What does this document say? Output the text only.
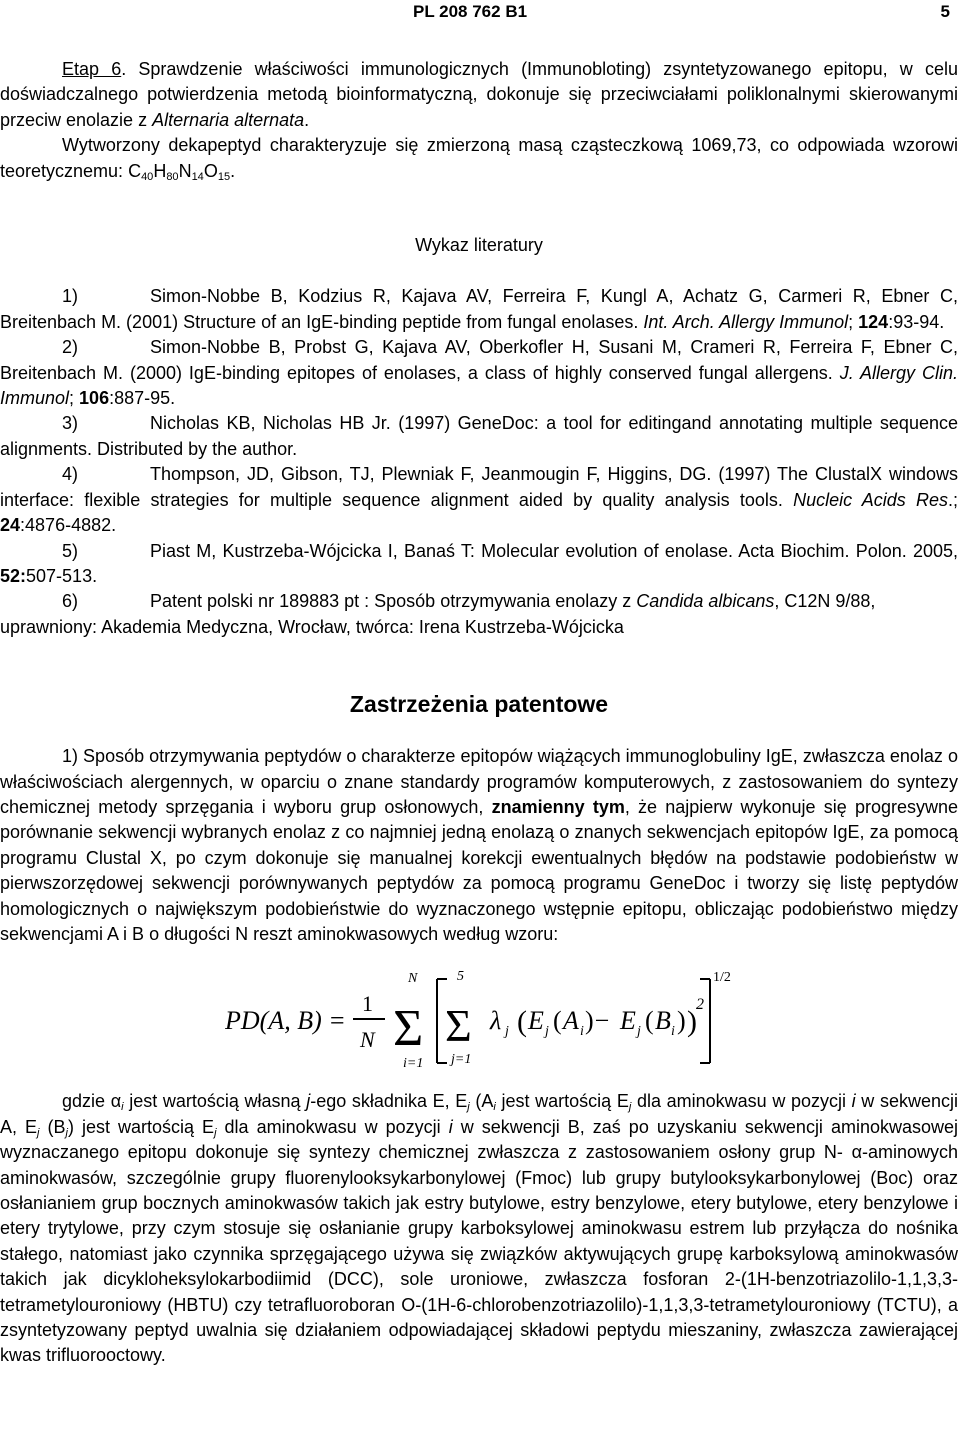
PL 208 762 B1	5

Etap 6. Sprawdzenie właściwości immunologicznych (Immunobloting) zsyntetyzowanego epitopu, w celu doświadczalnego potwierdzenia metodą bioinformatyczną, dokonuje się przeciwciałami poliklonalnymi skierowanymi przeciw enolazie z Alternaria alternata.

Wytworzony dekapeptyd charakteryzuje się zmierzoną masą cząsteczkową 1069,73, co odpowiada wzorowi teoretycznemu: $C_{40}H_{80}N_{14}O_{15}$.

Wykaz literatury

1)	Simon-Nobbe B, Kodzius R, Kajava AV, Ferreira F, Kungl A, Achatz G, Carmeri R, Ebner C, Breitenbach M. (2001) Structure of an IgE-binding peptide from fungal enolases. Int. Arch. Allergy Immunol; 124:93-94.

2)	Simon-Nobbe B, Probst G, Kajava AV, Oberkofler H, Susani M, Crameri R, Ferreira F, Ebner C, Breitenbach M. (2000) IgE-binding epitopes of enolases, a class of highly conserved fungal allergens. J. Allergy Clin. Immunol; 106:887-95.

3)	Nicholas KB, Nicholas HB Jr. (1997) GeneDoc: a tool for editingand annotating multiple sequence alignments. Distributed by the author.

4)	Thompson, JD, Gibson, TJ, Plewniak F, Jeanmougin F, Higgins, DG. (1997) The ClustalX windows interface: flexible strategies for multiple sequence alignment aided by quality analysis tools. Nucleic Acids Res.; 24:4876-4882.

5)	Piast M, Kustrzeba-Wójcicka I, Banaś T: Molecular evolution of enolase. Acta Biochim. Polon. 2005, 52:507-513.

6)	Patent polski nr 189883 pt : Sposób otrzymywania enolazy z Candida albicans, C12N 9/88, uprawniony: Akademia Medyczna, Wrocław, twórca: Irena Kustrzeba-Wójcicka

Zastrzeżenia patentowe

1) Sposób otrzymywania peptydów o charakterze epitopów wiążących immunoglobuliny IgE, zwłaszcza enolaz o właściwościach alergennych, w oparciu o znane standardy programów komputerowych, z zastosowaniem do syntezy chemicznej metody sprzęgania i wyboru grup osłonowych, znamienny tym, że najpierw wykonuje się progresywne porównanie sekwencji wybranych enolaz z co najmniej jedną enolazą o znanych sekwencjach epitopów IgE, za pomocą programu Clustal X, po czym dokonuje się manualnej korekcji ewentualnych błędów na podstawie podobieństw w pierwszorzędowej sekwencji porównywanych peptydów za pomocą programu GeneDoc i tworzy się listę peptydów homologicznych o największym podobieństwie do wyznaczonego wstępnie epitopu, obliczając podobieństwo między sekwencjami A i B o długości N reszt aminokwasowych według wzoru:

PD(A, B) =
1
N
N
Σ
i=1
5
Σ
j=1
λ j ( E j ( A i ) − E j ( B i ) )
2
1/2

gdzie $\alpha_i$ jest wartością własną j-ego składnika E, $E_j$ ($A_i$ jest wartością $E_j$ dla aminokwasu w pozycji i w sekwencji A, $E_j$ $(B_j)$ jest wartością $E_j$ dla aminokwasu w pozycji i w sekwencji B, zaś po uzyskaniu sekwencji aminokwasowej wyznaczanego epitopu dokonuje się syntezy chemicznej zwłaszcza z zastosowaniem osłony grup N- α-aminowych aminokwasów, szczególnie grupy fluorenylooksykarbonylowej (Fmoc) lub grupy butylooksykarbonylowej (Boc) oraz osłanianiem grup bocznych aminokwasów takich jak estry butylowe, estry benzylowe, etery butylowe, etery benzylowe i etery trytylowe, przy czym stosuje się osłanianie grupy karboksylowej aminokwasu estrem lub przyłącza do nośnika stałego, natomiast jako czynnika sprzęgającego używa się związków aktywujących grupę karboksylową aminokwasów takich jak dicykloheksylokarbodiimid (DCC), sole uroniowe, zwłaszcza fosforan 2-(1H-benzotriazolilo-1,1,3,3-tetrametylouroniowy (HBTU) czy tetrafluoroboran O-(1H-6-chlorobenzotriazolilo)-1,1,3,3-tetrametylouroniowy (TCTU), a zsyntetyzowany peptyd uwalnia się działaniem odpowiadającej składowi peptydu mieszaniny, zwłaszcza zawierającej kwas trifluorooctowy.
